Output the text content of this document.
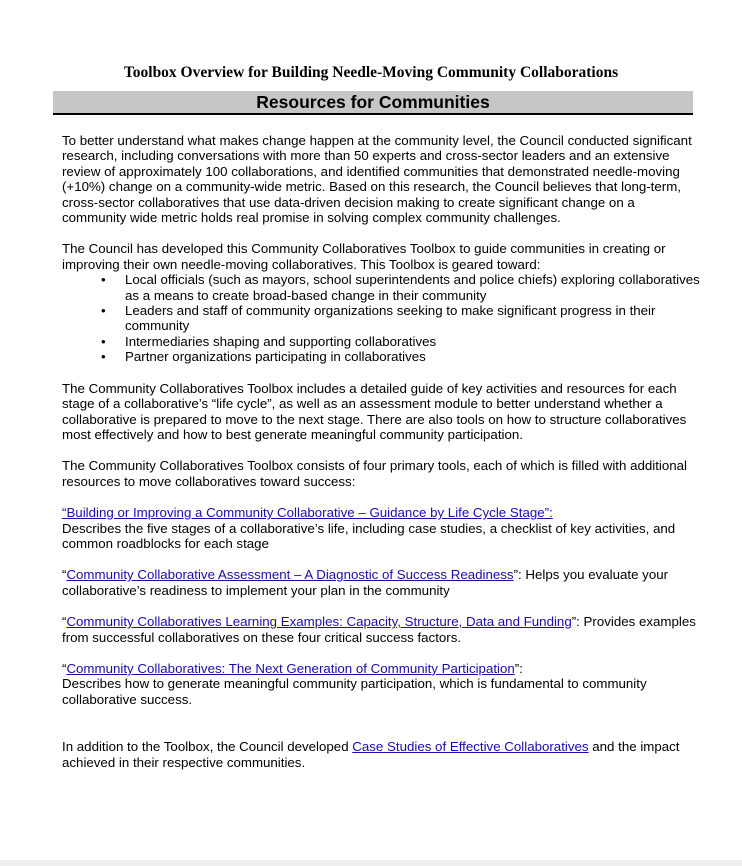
Toolbox Overview for Building Needle-Moving Community Collaborations
Resources for Communities

To better understand what makes change happen at the community level, the Council conducted significant research, including conversations with more than 50 experts and cross-sector leaders and an extensive review of approximately 100 collaborations, and identified communities that demonstrated needle-moving (+10%) change on a community-wide metric. Based on this research, the Council believes that long-term, cross-sector collaboratives that use data-driven decision making to create significant change on a community wide metric holds real promise in solving complex community challenges.

The Council has developed this Community Collaboratives Toolbox to guide communities in creating or improving their own needle-moving collaboratives. This Toolbox is geared toward:

• Local officials (such as mayors, school superintendents and police chiefs) exploring collaboratives as a means to create broad-based change in their community
• Leaders and staff of community organizations seeking to make significant progress in their community
• Intermediaries shaping and supporting collaboratives
• Partner organizations participating in collaboratives

The Community Collaboratives Toolbox includes a detailed guide of key activities and resources for each stage of a collaborative’s “life cycle”, as well as an assessment module to better understand whether a collaborative is prepared to move to the next stage. There are also tools on how to structure collaboratives most effectively and how to best generate meaningful community participation.

The Community Collaboratives Toolbox consists of four primary tools, each of which is filled with additional resources to move collaboratives toward success:

“Building or Improving a Community Collaborative – Guidance by Life Cycle Stage”:
Describes the five stages of a collaborative’s life, including case studies, a checklist of key activities, and common roadblocks for each stage

“Community Collaborative Assessment – A Diagnostic of Success Readiness”: Helps you evaluate your collaborative’s readiness to implement your plan in the community

“Community Collaboratives Learning Examples: Capacity, Structure, Data and Funding”: Provides examples from successful collaboratives on these four critical success factors.

“Community Collaboratives: The Next Generation of Community Participation”:
Describes how to generate meaningful community participation, which is fundamental to community collaborative success.

In addition to the Toolbox, the Council developed Case Studies of Effective Collaboratives and the impact achieved in their respective communities.
